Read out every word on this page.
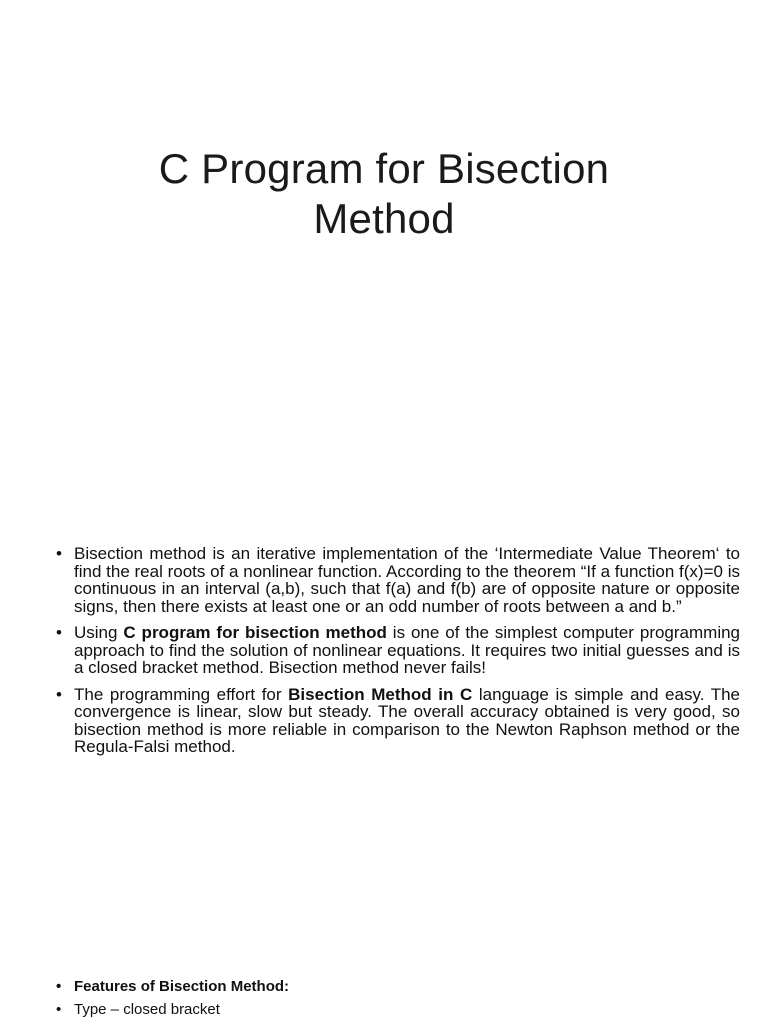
C Program for Bisection
Method
• Bisection method is an iterative implementation of the ‘Intermediate Value Theorem‘ to find the real roots of a nonlinear function. According to the theorem “If a function f(x)=0 is continuous in an interval (a,b), such that f(a) and f(b) are of opposite nature or opposite signs, then there exists at least one or an odd number of roots between a and b.”
• Using C program for bisection method is one of the simplest computer programming approach to find the solution of nonlinear equations. It requires two initial guesses and is a closed bracket method. Bisection method never fails!
• The programming effort for Bisection Method in C language is simple and easy. The convergence is linear, slow but steady. The overall accuracy obtained is very good, so bisection method is more reliable in comparison to the Newton Raphson method or the Regula-Falsi method.
• Features of Bisection Method:
• Type – closed bracket
